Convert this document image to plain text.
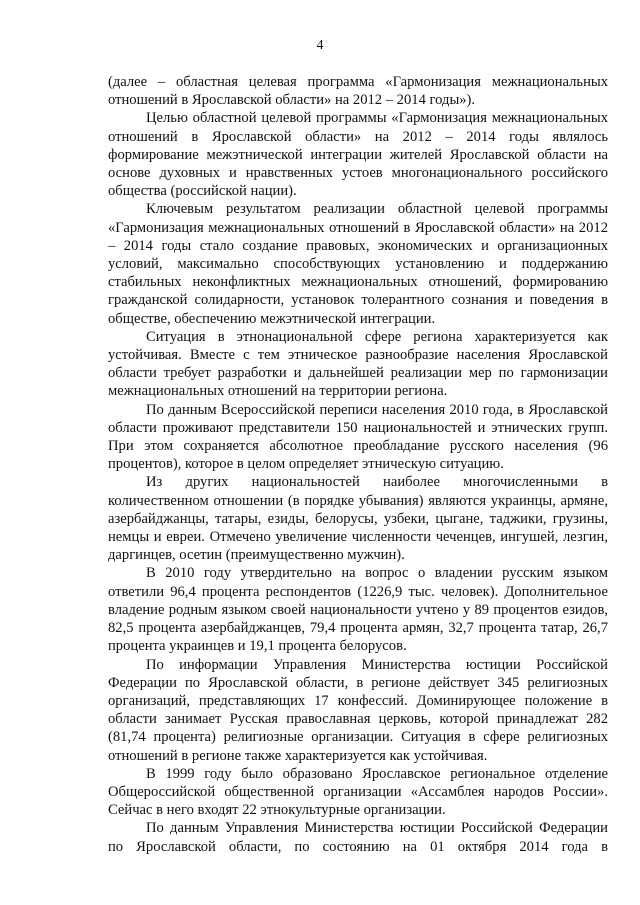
4

(далее – областная целевая программа «Гармонизация межнациональных отношений в Ярославской области» на 2012 – 2014 годы»).

Целью областной целевой программы «Гармонизация межнациональных отношений в Ярославской области» на 2012 – 2014 годы являлось формирование межэтнической интеграции жителей Ярославской области на основе духовных и нравственных устоев многонационального российского общества (российской нации).

Ключевым результатом реализации областной целевой программы «Гармонизация межнациональных отношений в Ярославской области» на 2012 – 2014 годы стало создание правовых, экономических и организационных условий, максимально способствующих установлению и поддержанию стабильных неконфликтных межнациональных отношений, формированию гражданской солидарности, установок толерантного сознания и поведения в обществе, обеспечению межэтнической интеграции.

Ситуация в этнонациональной сфере региона характеризуется как устойчивая. Вместе с тем этническое разнообразие населения Ярославской области требует разработки и дальнейшей реализации мер по гармонизации межнациональных отношений на территории региона.

По данным Всероссийской переписи населения 2010 года, в Ярославской области проживают представители 150 национальностей и этнических групп. При этом сохраняется абсолютное преобладание русского населения (96 процентов), которое в целом определяет этническую ситуацию.

Из других национальностей наиболее многочисленными в количественном отношении (в порядке убывания) являются украинцы, армяне, азербайджанцы, татары, езиды, белорусы, узбеки, цыгане, таджики, грузины, немцы и евреи. Отмечено увеличение численности чеченцев, ингушей, лезгин, даргинцев, осетин (преимущественно мужчин).

В 2010 году утвердительно на вопрос о владении русским языком ответили 96,4 процента респондентов (1226,9 тыс. человек). Дополнительное владение родным языком своей национальности учтено у 89 процентов езидов, 82,5 процента азербайджанцев, 79,4 процента армян, 32,7 процента татар, 26,7 процента украинцев и 19,1 процента белорусов.

По информации Управления Министерства юстиции Российской Федерации по Ярославской области, в регионе действует 345 религиозных организаций, представляющих 17 конфессий. Доминирующее положение в области занимает Русская православная церковь, которой принадлежат 282 (81,74 процента) религиозные организации. Ситуация в сфере религиозных отношений в регионе также характеризуется как устойчивая.

В 1999 году было образовано Ярославское региональное отделение Общероссийской общественной организации «Ассамблея народов России». Сейчас в него входят 22 этнокультурные организации.

По данным Управления Министерства юстиции Российской Федерации по Ярославской области, по состоянию на 01 октября 2014 года в
